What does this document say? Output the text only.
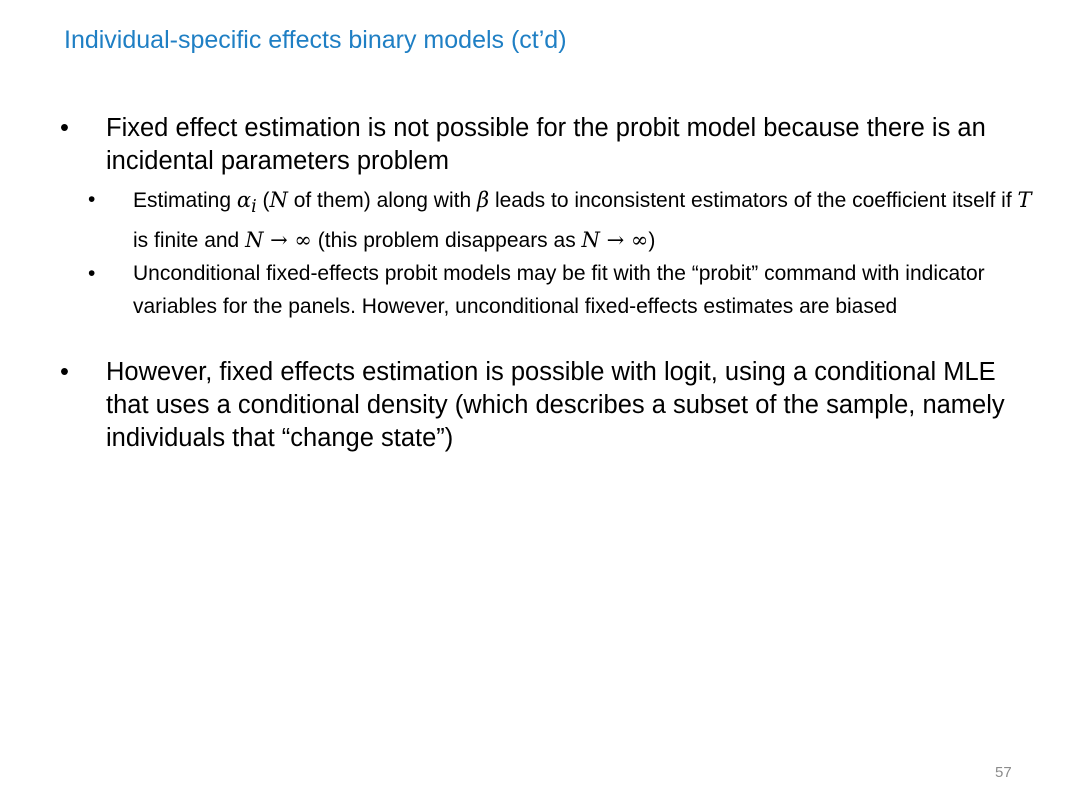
Individual-specific effects binary models (ct’d)
•	Fixed effect estimation is not possible for the probit model because there is an incidental parameters problem
•	Estimating $\alpha_i$ (N of them) along with β leads to inconsistent estimators of the coefficient itself if T is finite and N → ∞ (this problem disappears as N → ∞)
•	Unconditional fixed-effects probit models may be fit with the “probit” command with indicator variables for the panels. However, unconditional fixed-effects estimates are biased
•	However, fixed effects estimation is possible with logit, using a conditional MLE that uses a conditional density (which describes a subset of the sample, namely individuals that “change state”)
57
